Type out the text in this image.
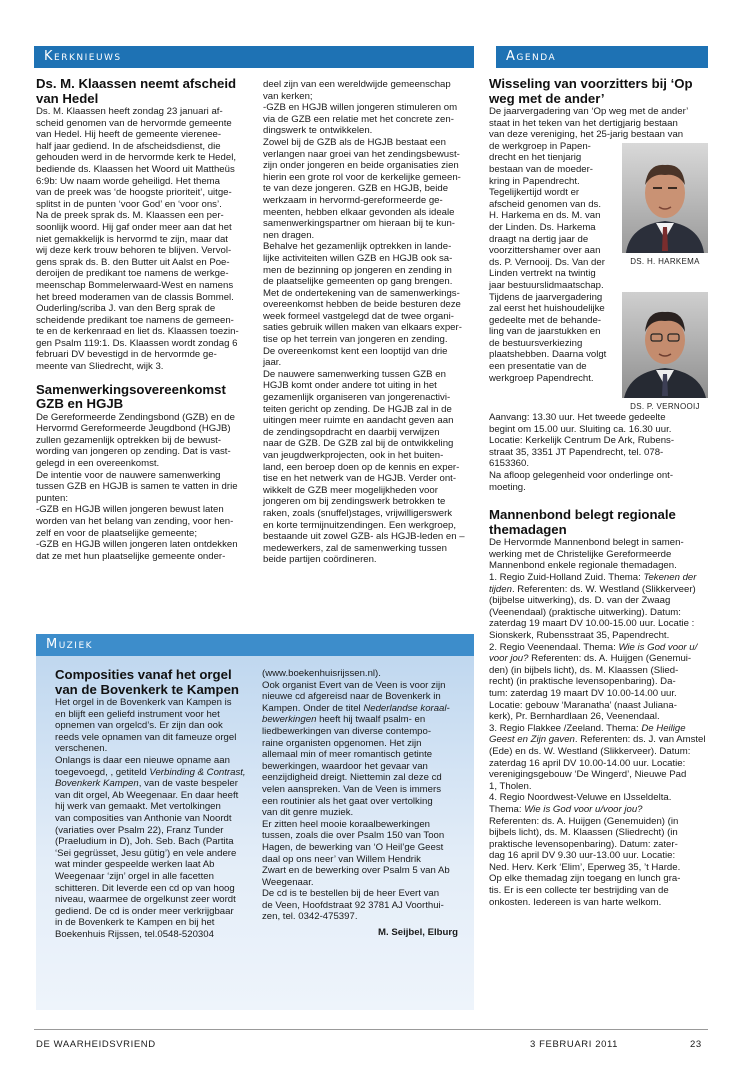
Kerknieuws	Agenda
Ds. M. Klaassen neemt afscheid van Hedel

Ds. M. Klaassen heeft zondag 23 januari af-

scheid genomen van de hervormde gemeente

van Hedel. Hij heeft de gemeente vierenee-

half jaar gediend. In de afscheidsdienst, die

gehouden werd in de hervormde kerk te Hedel,

bediende ds. Klaassen het Woord uit Mattheüs

6:9b: Uw naam worde geheiligd. Het thema

van de preek was ‘de hoogste prioriteit’, uitge-

splitst in de punten ‘voor God’ en ‘voor ons’.

Na de preek sprak ds. M. Klaassen een per-

soonlijk woord. Hij gaf onder meer aan dat het

niet gemakkelijk is hervormd te zijn, maar dat

wij deze kerk trouw behoren te blijven. Vervol-

gens sprak ds. B. den Butter uit Aalst en Poe-

deroijen de predikant toe namens de werkge-

meenschap Bommelerwaard-West en namens

het breed moderamen van de classis Bommel.

Ouderling/scriba J. van den Berg sprak de

scheidende predikant toe namens de gemeen-

te en de kerkenraad en liet ds. Klaassen toezin-

gen Psalm 119:1. Ds. Klaassen wordt zondag 6

februari DV bevestigd in de hervormde ge-

meente van Sliedrecht, wijk 3.

Samenwerkingsovereenkomst GZB en HGJB

De Gereformeerde Zendingsbond (GZB) en de

Hervormd Gereformeerde Jeugdbond (HGJB)

zullen gezamenlijk optrekken bij de bewust-

wording van jongeren op zending. Dat is vast-

gelegd in een overeenkomst.

De intentie voor de nauwere samenwerking

tussen GZB en HGJB is samen te vatten in drie

punten:

-GZB en HGJB willen jongeren bewust laten

worden van het belang van zending, voor hen-

zelf en voor de plaatselijke gemeente;

-GZB en HGJB willen jongeren laten ontdekken

dat ze met hun plaatselijke gemeente onder-

deel zijn van een wereldwijde gemeenschap

van kerken;

-GZB en HGJB willen jongeren stimuleren om

via de GZB een relatie met het concrete zen-

dingswerk te ontwikkelen.

Zowel bij de GZB als de HGJB bestaat een

verlangen naar groei van het zendingsbewust-

zijn onder jongeren en beide organisaties zien

hierin een grote rol voor de kerkelijke gemeen-

te van deze jongeren. GZB en HGJB, beide

werkzaam in hervormd-gereformeerde ge-

meenten, hebben elkaar gevonden als ideale

samenwerkingspartner om hieraan bij te kun-

nen dragen.

Behalve het gezamenlijk optrekken in lande-

lijke activiteiten willen GZB en HGJB ook sa-

men de bezinning op jongeren en zending in

de plaatselijke gemeenten op gang brengen.

Met de ondertekening van de samenwerkings-

overeenkomst hebben de beide besturen deze

week formeel vastgelegd dat de twee organi-

saties gebruik willen maken van elkaars exper-

tise op het terrein van jongeren en zending.

De overeenkomst kent een looptijd van drie

jaar.

De nauwere samenwerking tussen GZB en

HGJB komt onder andere tot uiting in het

gezamenlijk organiseren van jongerenactivi-

teiten gericht op zending. De HGJB zal in de

uitingen meer ruimte en aandacht geven aan

de zendingsopdracht en daarbij verwijzen

naar de GZB. De GZB zal bij de ontwikkeling

van jeugdwerkprojecten, ook in het buiten-

land, een beroep doen op de kennis en exper-

tise en het netwerk van de HGJB. Verder ont-

wikkelt de GZB meer mogelijkheden voor

jongeren om bij zendingswerk betrokken te

raken, zoals (snuffel)stages, vrijwilligerswerk

en korte termijnuitzendingen. Een werkgroep,

bestaande uit zowel GZB- als HGJB-leden en –

medewerkers, zal de samenwerking tussen

beide partijen coördineren.

Wisseling van voorzitters bij ‘Op weg met de ander’

De jaarvergadering van ‘Op weg met de ander’

staat in het teken van het dertigjarig bestaan

van deze vereniging, het 25-jarig bestaan van

DS. H. HARKEMA

de werkgroep in Papen-

drecht en het tienjarig

bestaan van de moeder-

kring in Papendrecht.

Tegelijkertijd wordt er

afscheid genomen van ds.

H. Harkema en ds. M. van

der Linden. Ds. Harkema

draagt na dertig jaar de

voorzittershamer over aan

ds. P. Vernooij. Ds. Van der

Linden vertrekt na twintig

jaar bestuurslidmaatschap.

DS. P. VERNOOIJ

Tijdens de jaarvergadering

zal eerst het huishoudelijke

gedeelte met de behande-

ling van de jaarstukken en

de bestuursverkiezing

plaatshebben. Daarna volgt

een presentatie van de

werkgroep Papendrecht.

Aanvang: 13.30 uur. Het tweede gedeelte

begint om 15.00 uur. Sluiting ca. 16.30 uur.

Locatie: Kerkelijk Centrum De Ark, Rubens-

straat 35, 3351 JT Papendrecht, tel. 078-

6153360.

Na afloop gelegenheid voor onderlinge ont-

moeting.

Mannenbond belegt regionale themadagen

De Hervormde Mannenbond belegt in samen-

werking met de Christelijke Gereformeerde

Mannenbond enkele regionale themadagen.

1. Regio Zuid-Holland Zuid. Thema: Tekenen der

tijden. Referenten: ds. W. Westland (Slikkerveer)

(bijbelse uitwerking), ds. D. van der Zwaag

(Veenendaal) (praktische uitwerking). Datum:

zaterdag 19 maart DV 10.00-15.00 uur. Locatie :

Sionskerk, Rubensstraat 35, Papendrecht.

2. Regio Veenendaal. Thema: Wie is God voor u/

voor jou? Referenten: ds. A. Huijgen (Genemui-

den) (in bijbels licht), ds. M. Klaassen (Slied-

recht) (in praktische levensopenbaring). Da-

tum: zaterdag 19 maart DV 10.00-14.00 uur.

Locatie: gebouw ‘Maranatha’ (naast Juliana-

kerk), Pr. Bernhardlaan 26, Veenendaal.

3. Regio Flakkee /Zeeland. Thema: De Heilige

Geest en Zijn gaven. Referenten: ds. J. van Amstel

(Ede) en ds. W. Westland (Slikkerveer). Datum:

zaterdag 16 april DV 10.00-14.00 uur. Locatie:

verenigingsgebouw ‘De Wingerd’, Nieuwe Pad

1, Tholen.

4. Regio Noordwest-Veluwe en IJsseldelta.

Thema: Wie is God voor u/voor jou?

Referenten: ds. A. Huijgen (Genemuiden) (in

bijbels licht), ds. M. Klaassen (Sliedrecht) (in

praktische levensopenbaring). Datum: zater-

dag 16 april DV 9.30 uur-13.00 uur. Locatie:

Ned. Herv. Kerk ‘Elim’, Eperweg 35, ’t Harde.

Op elke themadag zijn toegang en lunch gra-

tis. Er is een collecte ter bestrijding van de

onkosten. Iedereen is van harte welkom.

Muziek
Composities vanaf het orgel van de Bovenkerk te Kampen

Het orgel in de Bovenkerk van Kampen is

en blijft een geliefd instrument voor het

opnemen van orgelcd’s. Er zijn dan ook

reeds vele opnamen van dit fameuze orgel

verschenen.

Onlangs is daar een nieuwe opname aan

toegevoegd, , getiteld Verbinding & Contrast,

Bovenkerk Kampen, van de vaste bespeler

van dit orgel, Ab Weegenaar. En daar heeft

hij werk van gemaakt. Met vertolkingen

van composities van Anthonie van Noordt

(variaties over Psalm 22), Franz Tunder

(Praeludium in D), Joh. Seb. Bach (Partita

‘Sei gegrüsset, Jesu gütig’) en vele andere

wat minder gespeelde werken laat Ab

Weegenaar ‘zijn’ orgel in alle facetten

schitteren. Dit leverde een cd op van hoog

niveau, waarmee de orgelkunst zeer wordt

gediend. De cd is onder meer verkrijgbaar

in de Bovenkerk te Kampen en bij het

Boekenhuis Rijssen, tel.0548-520304

(www.boekenhuisrijssen.nl).

Ook organist Evert van de Veen is voor zijn

nieuwe cd afgereisd naar de Bovenkerk in

Kampen. Onder de titel Nederlandse koraal-

bewerkingen heeft hij twaalf psalm- en

liedbewerkingen van diverse contempo-

raine organisten opgenomen. Het zijn

allemaal min of meer romantisch getinte

bewerkingen, waardoor het gevaar van

eenzijdigheid dreigt. Niettemin zal deze cd

velen aanspreken. Van de Veen is immers

een routinier als het gaat over vertolking

van dit genre muziek.

Er zitten heel mooie koraalbewerkingen

tussen, zoals die over Psalm 150 van Toon

Hagen, de bewerking van ‘O Heil’ge Geest

daal op ons neer’ van Willem Hendrik

Zwart en de bewerking over Psalm 5 van Ab

Weegenaar.

De cd is te bestellen bij de heer Evert van

de Veen, Hoofdstraat 92 3781 AJ Voorthui-

zen, tel. 0342-475397.

M. Seijbel, Elburg
DE WAARHEIDSVRIEND	3 FEBRUARI 2011	23
